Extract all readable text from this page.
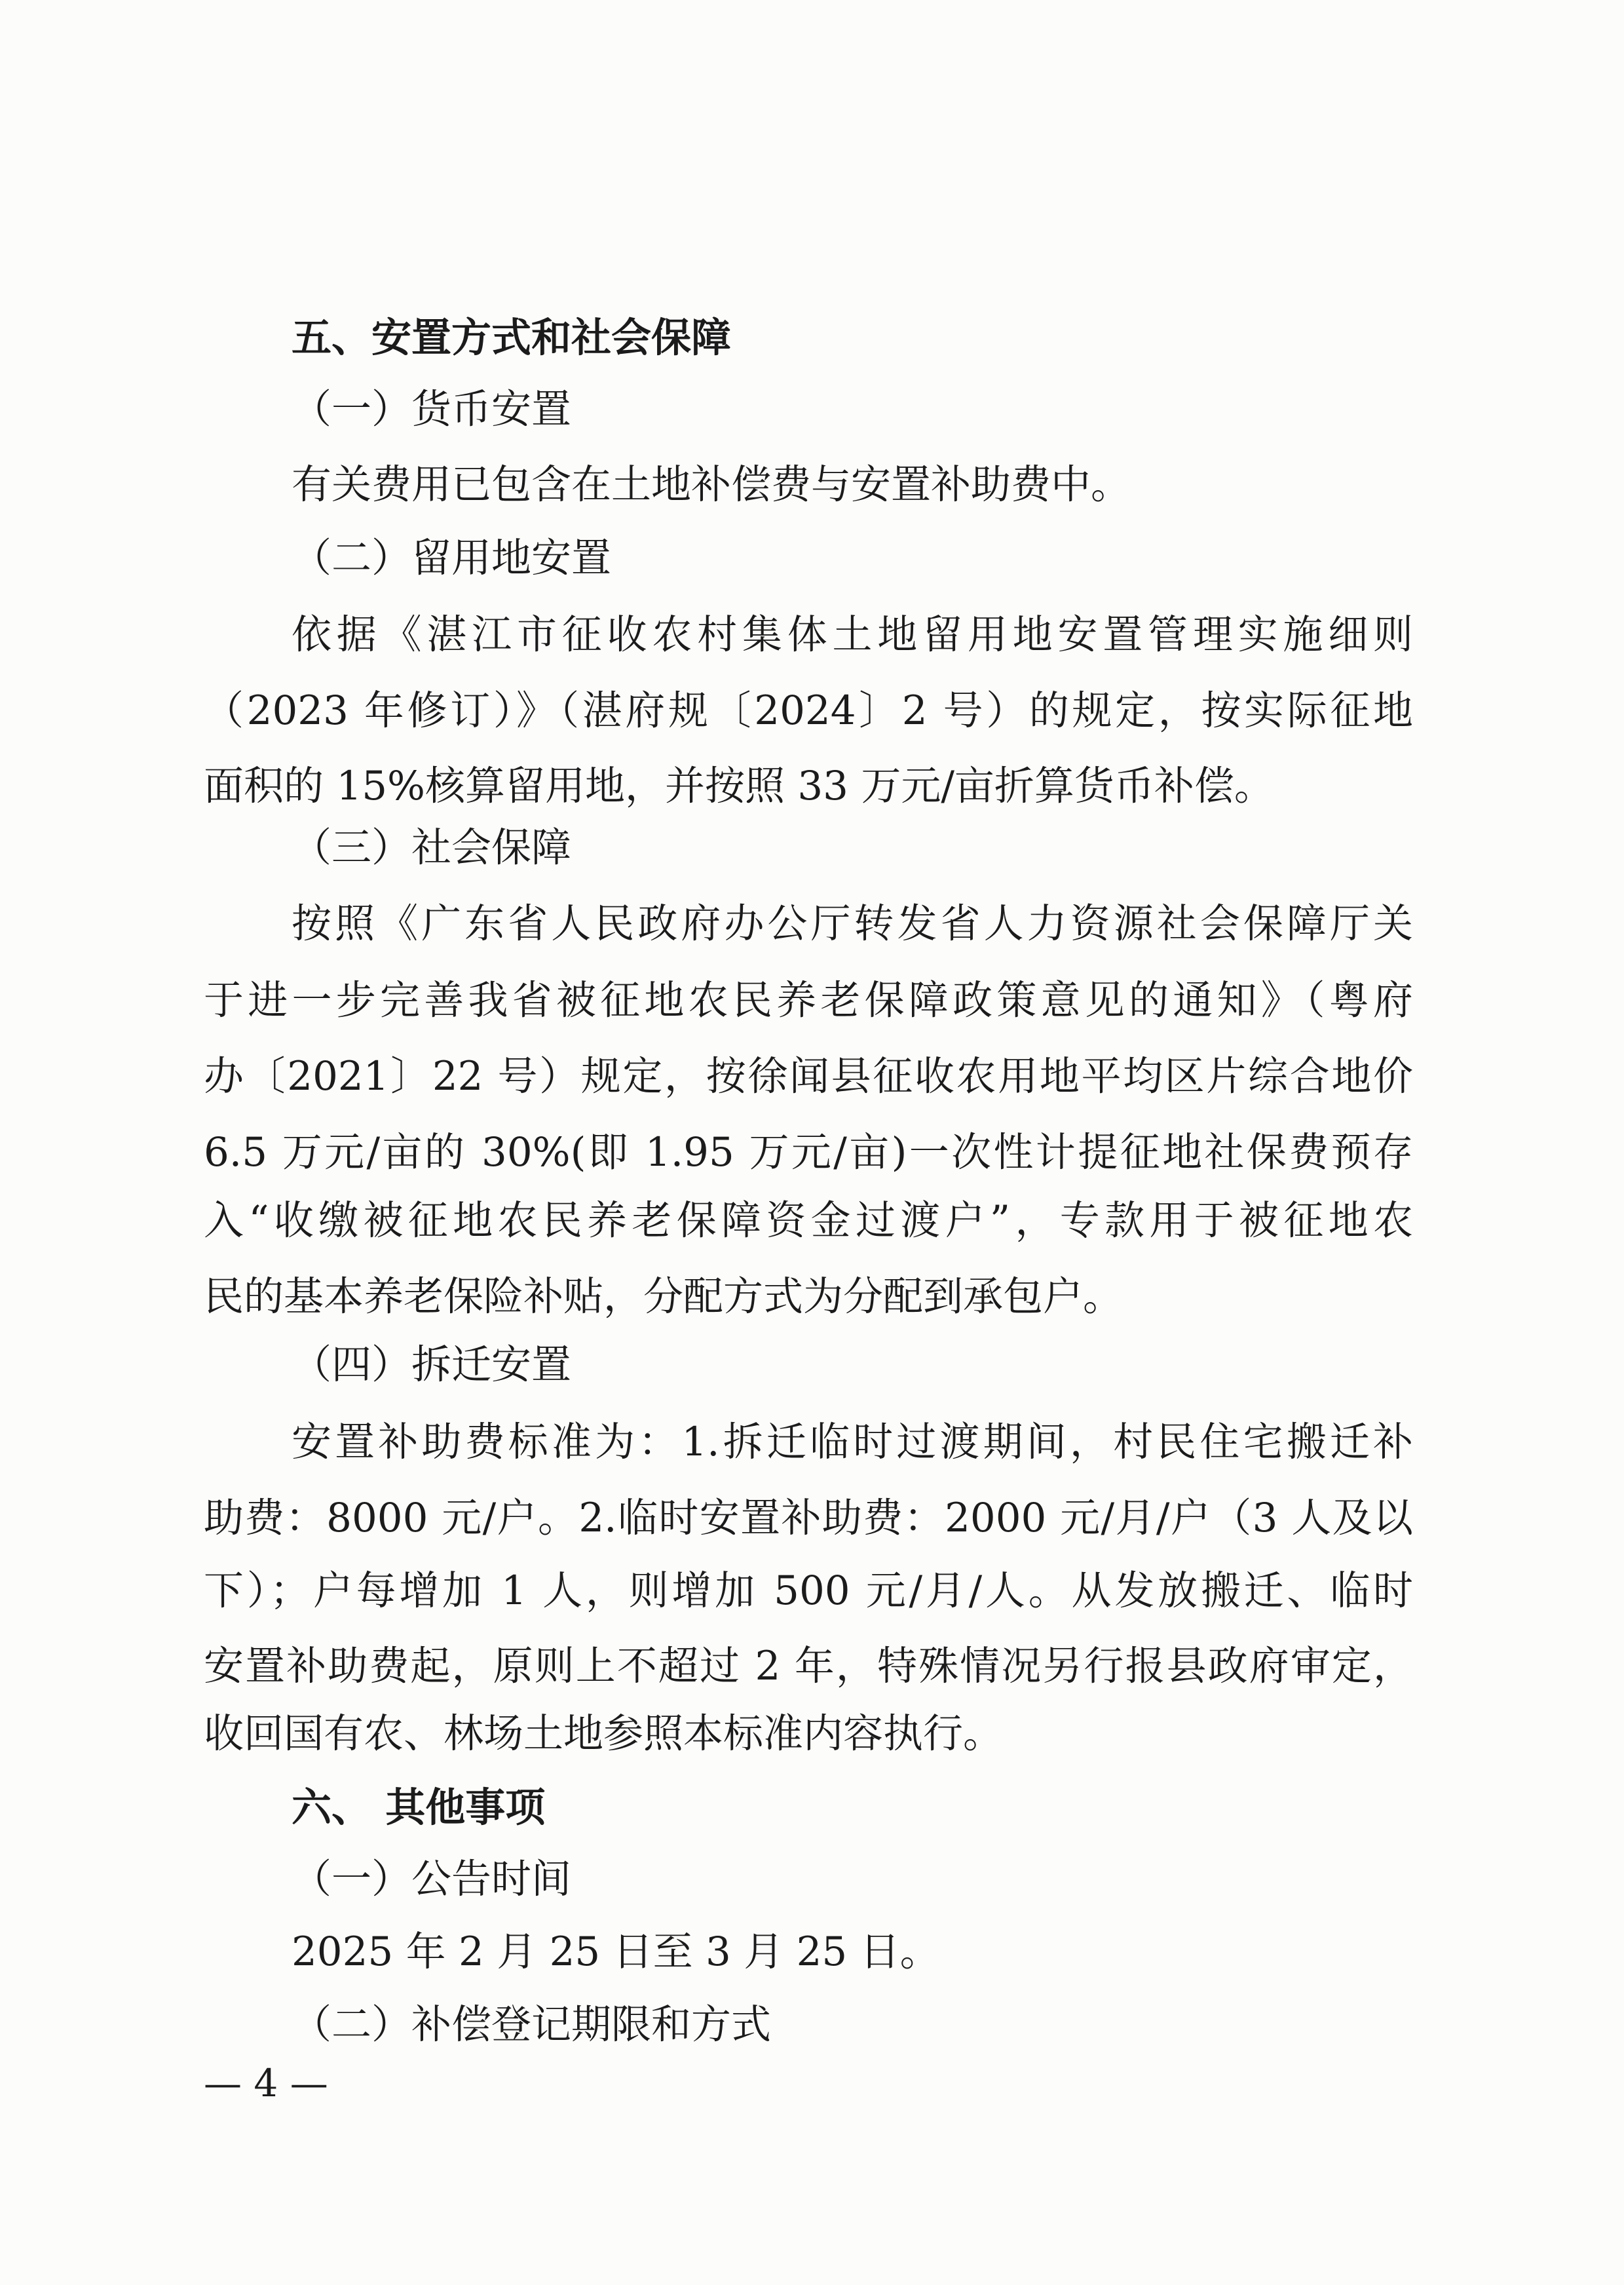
五、安置方式和社会保障
（一）货币安置
有关费用已包含在土地补偿费与安置补助费中。
（二）留用地安置
依据《湛江市征收农村集体土地留用地安置管理实施细则
（2023 年修订）》（湛府规〔2024〕2 号）的规定，按实际征地
面积的 15%核算留用地，并按照 33 万元/亩折算货币补偿。
（三）社会保障
按照《广东省人民政府办公厅转发省人力资源社会保障厅关
于进一步完善我省被征地农民养老保障政策意见的通知》（粤府
办〔2021〕22 号）规定，按徐闻县征收农用地平均区片综合地价
6.5 万元/亩的 30%(即 1.95 万元/亩)一次性计提征地社保费预存
入“收缴被征地农民养老保障资金过渡户”，专款用于被征地农
民的基本养老保险补贴，分配方式为分配到承包户。
（四）拆迁安置
安置补助费标准为：1.拆迁临时过渡期间，村民住宅搬迁补
助费：8000 元/户。2.临时安置补助费：2000 元/月/户（3 人及以
下）；户每增加 1 人，则增加 500 元/月/人。从发放搬迁、临时
安置补助费起，原则上不超过 2 年，特殊情况另行报县政府审定，
收回国有农、林场土地参照本标准内容执行。
六、 其他事项
（一）公告时间
2025 年 2 月 25 日至 3 月 25 日。
（二）补偿登记期限和方式
— 4 —
